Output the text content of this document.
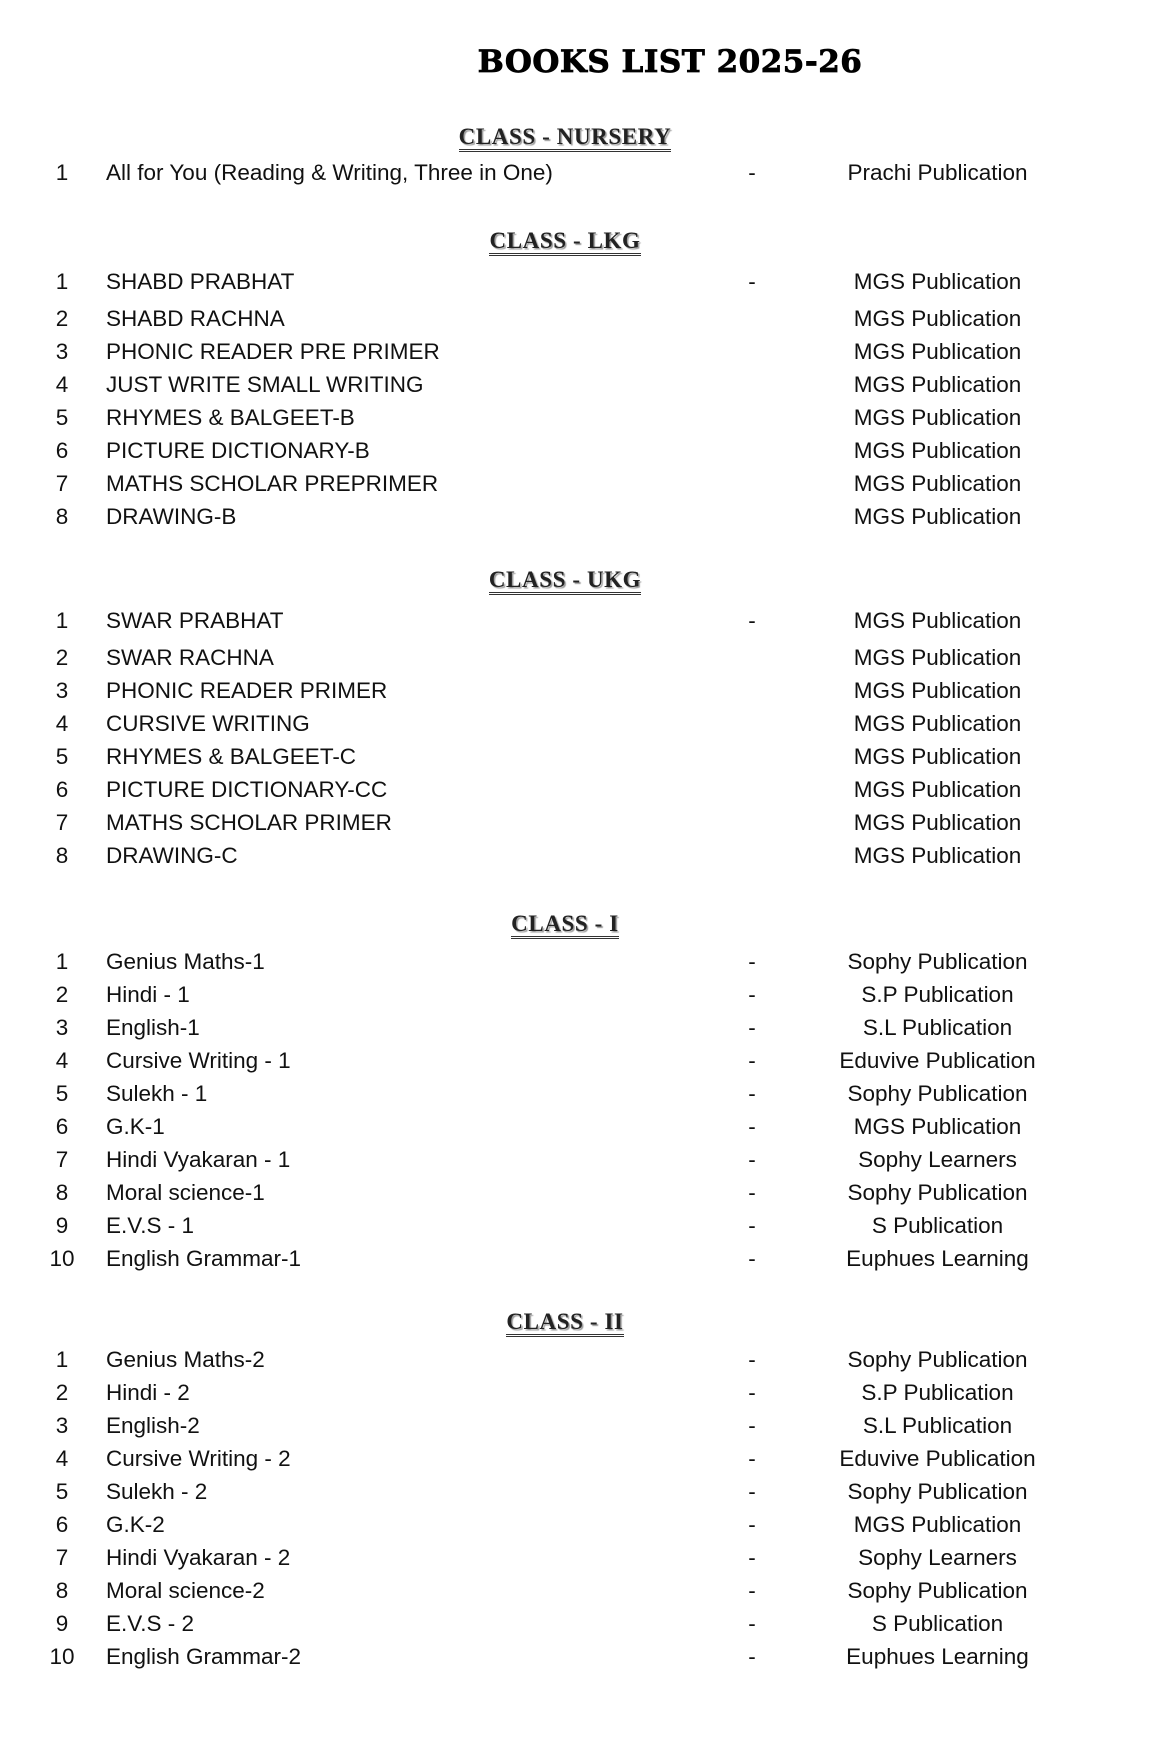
BOOKS LIST 2025-26
CLASS - NURSERY
1	All for You (Reading & Writing, Three in One)	-	Prachi Publication
CLASS - LKG
1	SHABD PRABHAT	-	MGS Publication
2	SHABD RACHNA	MGS Publication
3	PHONIC READER PRE PRIMER	MGS Publication
4	JUST WRITE SMALL WRITING	MGS Publication
5	RHYMES & BALGEET-B	MGS Publication
6	PICTURE DICTIONARY-B	MGS Publication
7	MATHS SCHOLAR PREPRIMER	MGS Publication
8	DRAWING-B	MGS Publication
CLASS - UKG
1	SWAR PRABHAT	-	MGS Publication
2	SWAR RACHNA	MGS Publication
3	PHONIC READER PRIMER	MGS Publication
4	CURSIVE WRITING	MGS Publication
5	RHYMES & BALGEET-C	MGS Publication
6	PICTURE DICTIONARY-CC	MGS Publication
7	MATHS SCHOLAR PRIMER	MGS Publication
8	DRAWING-C	MGS Publication
CLASS - I
1	Genius Maths-1	-	Sophy Publication
2	Hindi - 1	-	S.P Publication
3	English-1	-	S.L Publication
4	Cursive Writing - 1	-	Eduvive Publication
5	Sulekh - 1	-	Sophy Publication
6	G.K-1	-	MGS Publication
7	Hindi Vyakaran - 1	-	Sophy Learners
8	Moral science-1	-	Sophy Publication
9	E.V.S - 1	-	S Publication
10	English Grammar-1	-	Euphues Learning
CLASS - II
1	Genius Maths-2	-	Sophy Publication
2	Hindi - 2	-	S.P Publication
3	English-2	-	S.L Publication
4	Cursive Writing - 2	-	Eduvive Publication
5	Sulekh - 2	-	Sophy Publication
6	G.K-2	-	MGS Publication
7	Hindi Vyakaran - 2	-	Sophy Learners
8	Moral science-2	-	Sophy Publication
9	E.V.S - 2	-	S Publication
10	English Grammar-2	-	Euphues Learning
